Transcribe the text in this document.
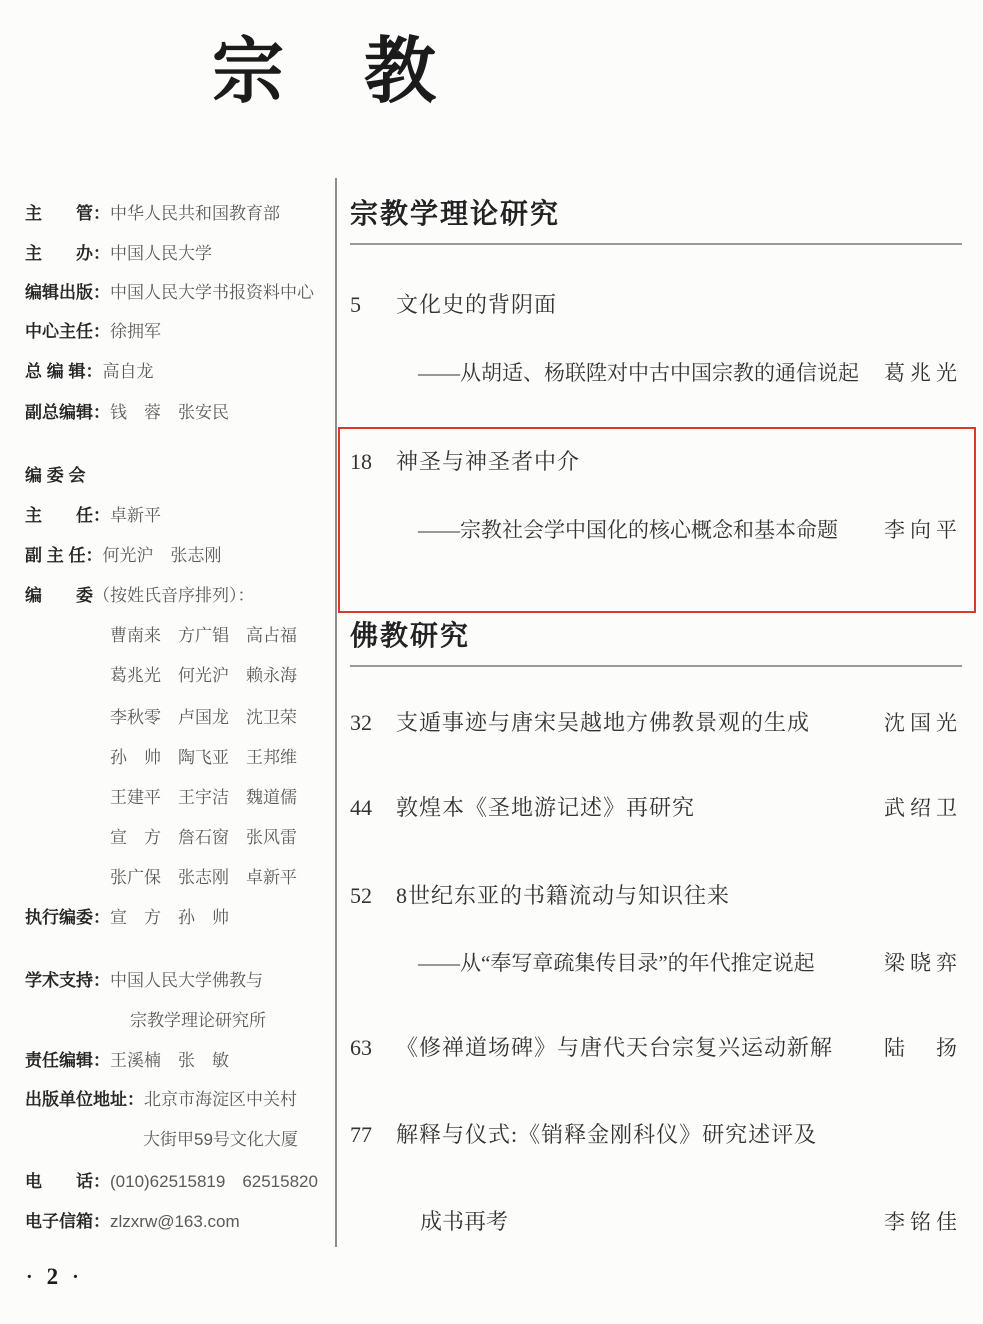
宗教
主　　管： 中华人民共和国教育部
主　　办： 中国人民大学
编辑出版： 中国人民大学书报资料中心
中心主任： 徐拥军
总 编 辑： 高自龙
副总编辑： 钱　蓉　张安民
编 委 会
主　　任： 卓新平
副 主 任： 何光沪　张志刚
编　　委 （按姓氏音序排列）：
曹南来　方广锠　高占福
葛兆光　何光沪　赖永海
李秋零　卢国龙　沈卫荣
孙　帅　陶飞亚　王邦维
王建平　王宇洁　魏道儒
宣　方　詹石窗　张风雷
张广保　张志刚　卓新平
执行编委： 宣　方　孙　帅
学术支持： 中国人民大学佛教与
宗教学理论研究所
责任编辑： 王溪楠　张　敏
出版单位地址： 北京市海淀区中关村
大街甲59号文化大厦
电　　话： (010)62515819　62515820
电子信箱： zlzxrw@163.com
宗教学理论研究
5	文化史的背阴面
——从胡适、杨联陞对中古中国宗教的通信说起 葛兆光
18	神圣与神圣者中介
——宗教社会学中国化的核心概念和基本命题 李向平
佛教研究
32	支遁事迹与唐宋吴越地方佛教景观的生成	沈国光
44	敦煌本《圣地游记述》再研究	武绍卫
52	8世纪东亚的书籍流动与知识往来
——从“奉写章疏集传目录”的年代推定说起	梁晓弈
63	《修禅道场碑》与唐代天台宗复兴运动新解 陆　扬
77	解释与仪式:《销释金刚科仪》研究述评及
成书再考	李铭佳
· 2 ·
